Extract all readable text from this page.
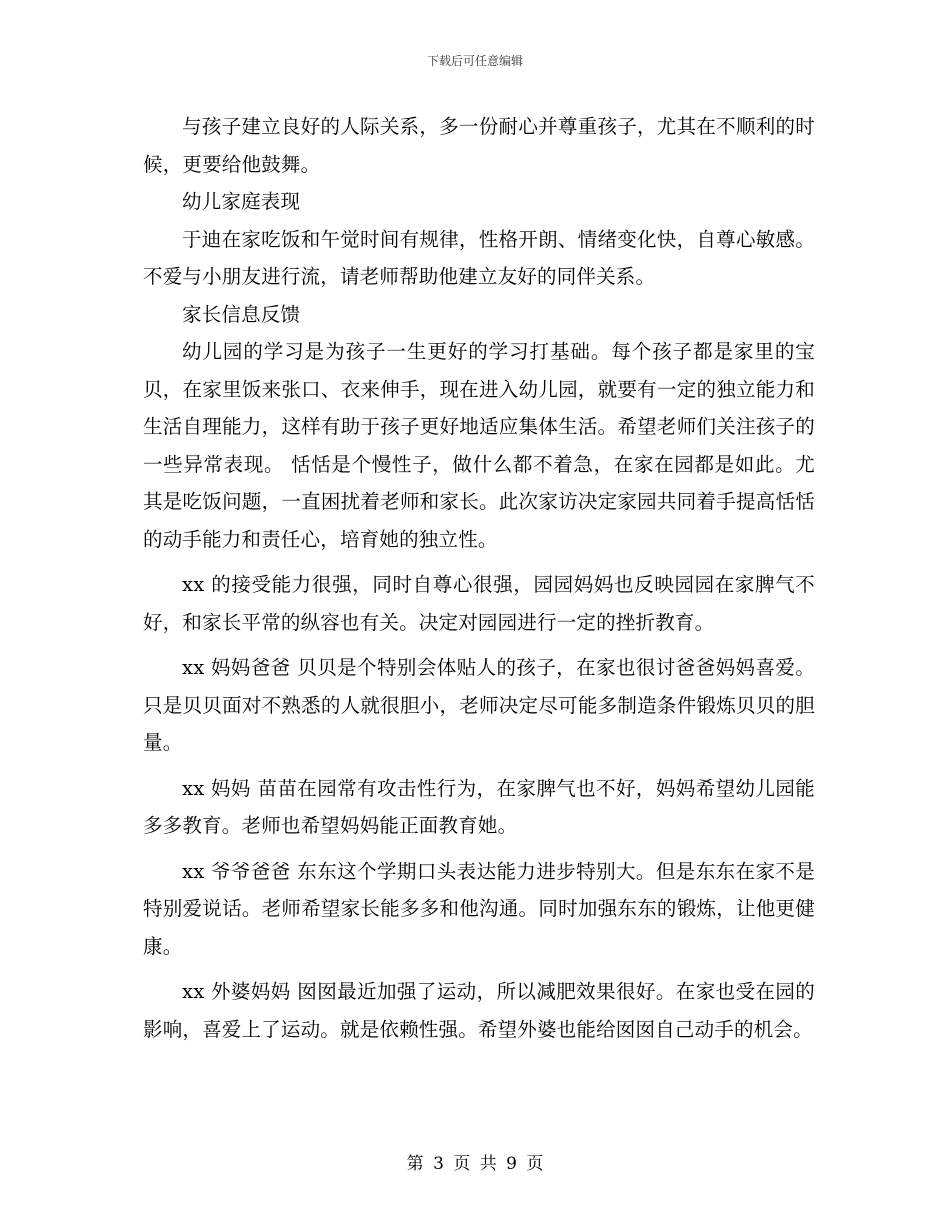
下载后可任意编辑

与孩子建立良好的人际关系，多一份耐心并尊重孩子，尤其在不顺利的时候，更要给他鼓舞。

幼儿家庭表现

于迪在家吃饭和午觉时间有规律，性格开朗、情绪变化快，自尊心敏感。不爱与小朋友进行流，请老师帮助他建立友好的同伴关系。

家长信息反馈

幼儿园的学习是为孩子一生更好的学习打基础。每个孩子都是家里的宝贝，在家里饭来张口、衣来伸手，现在进入幼儿园，就要有一定的独立能力和生活自理能力，这样有助于孩子更好地适应集体生活。希望老师们关注孩子的一些异常表现。 恬恬是个慢性子，做什么都不着急，在家在园都是如此。尤其是吃饭问题，一直困扰着老师和家长。此次家访决定家园共同着手提高恬恬的动手能力和责任心，培育她的独立性。

xx 的接受能力很强，同时自尊心很强，园园妈妈也反映园园在家脾气不好，和家长平常的纵容也有关。决定对园园进行一定的挫折教育。

xx 妈妈爸爸 贝贝是个特别会体贴人的孩子，在家也很讨爸爸妈妈喜爱。只是贝贝面对不熟悉的人就很胆小，老师决定尽可能多制造条件锻炼贝贝的胆量。

xx 妈妈 苗苗在园常有攻击性行为，在家脾气也不好，妈妈希望幼儿园能多多教育。老师也希望妈妈能正面教育她。

xx 爷爷爸爸 东东这个学期口头表达能力进步特别大。但是东东在家不是特别爱说话。老师希望家长能多多和他沟通。同时加强东东的锻炼，让他更健康。

xx 外婆妈妈 囡囡最近加强了运动，所以减肥效果很好。在家也受在园的影响，喜爱上了运动。就是依赖性强。希望外婆也能给囡囡自己动手的机会。

第 3 页 共 9 页
